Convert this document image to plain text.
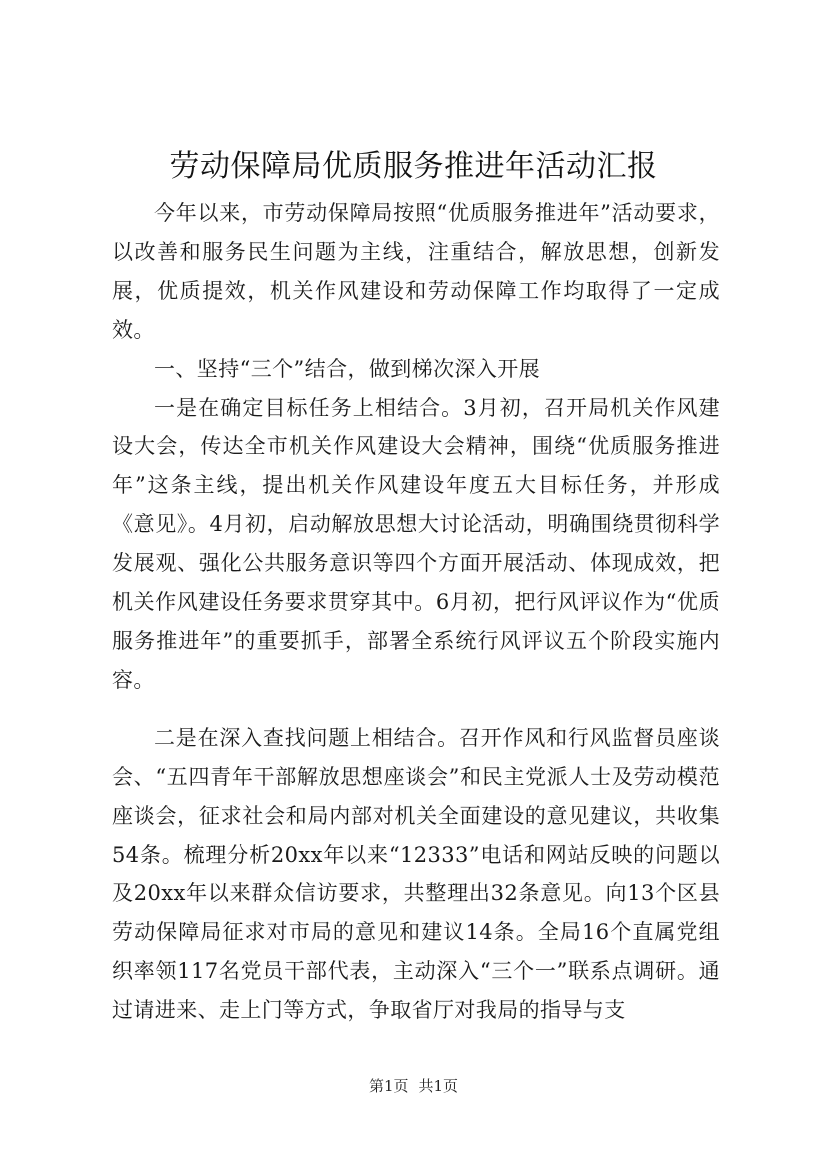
劳动保障局优质服务推进年活动汇报

今年以来，市劳动保障局按照“优质服务推进年”活动要求，以改善和服务民生问题为主线，注重结合，解放思想，创新发展，优质提效，机关作风建设和劳动保障工作均取得了一定成效。

一、坚持“三个”结合，做到梯次深入开展

一是在确定目标任务上相结合。3月初，召开局机关作风建设大会，传达全市机关作风建设大会精神，围绕“优质服务推进年”这条主线，提出机关作风建设年度五大目标任务，并形成《意见》。4月初，启动解放思想大讨论活动，明确围绕贯彻科学发展观、强化公共服务意识等四个方面开展活动、体现成效，把机关作风建设任务要求贯穿其中。6月初，把行风评议作为“优质服务推进年”的重要抓手，部署全系统行风评议五个阶段实施内容。

二是在深入查找问题上相结合。召开作风和行风监督员座谈会、“五四青年干部解放思想座谈会”和民主党派人士及劳动模范座谈会，征求社会和局内部对机关全面建设的意见建议，共收集54条。梳理分析20xx年以来“12333”电话和网站反映的问题以及20xx年以来群众信访要求，共整理出32条意见。向13个区县劳动保障局征求对市局的意见和建议14条。全局16个直属党组织率领117名党员干部代表，主动深入“三个一”联系点调研。通过请进来、走上门等方式，争取省厅对我局的指导与支

第1页 共1页
